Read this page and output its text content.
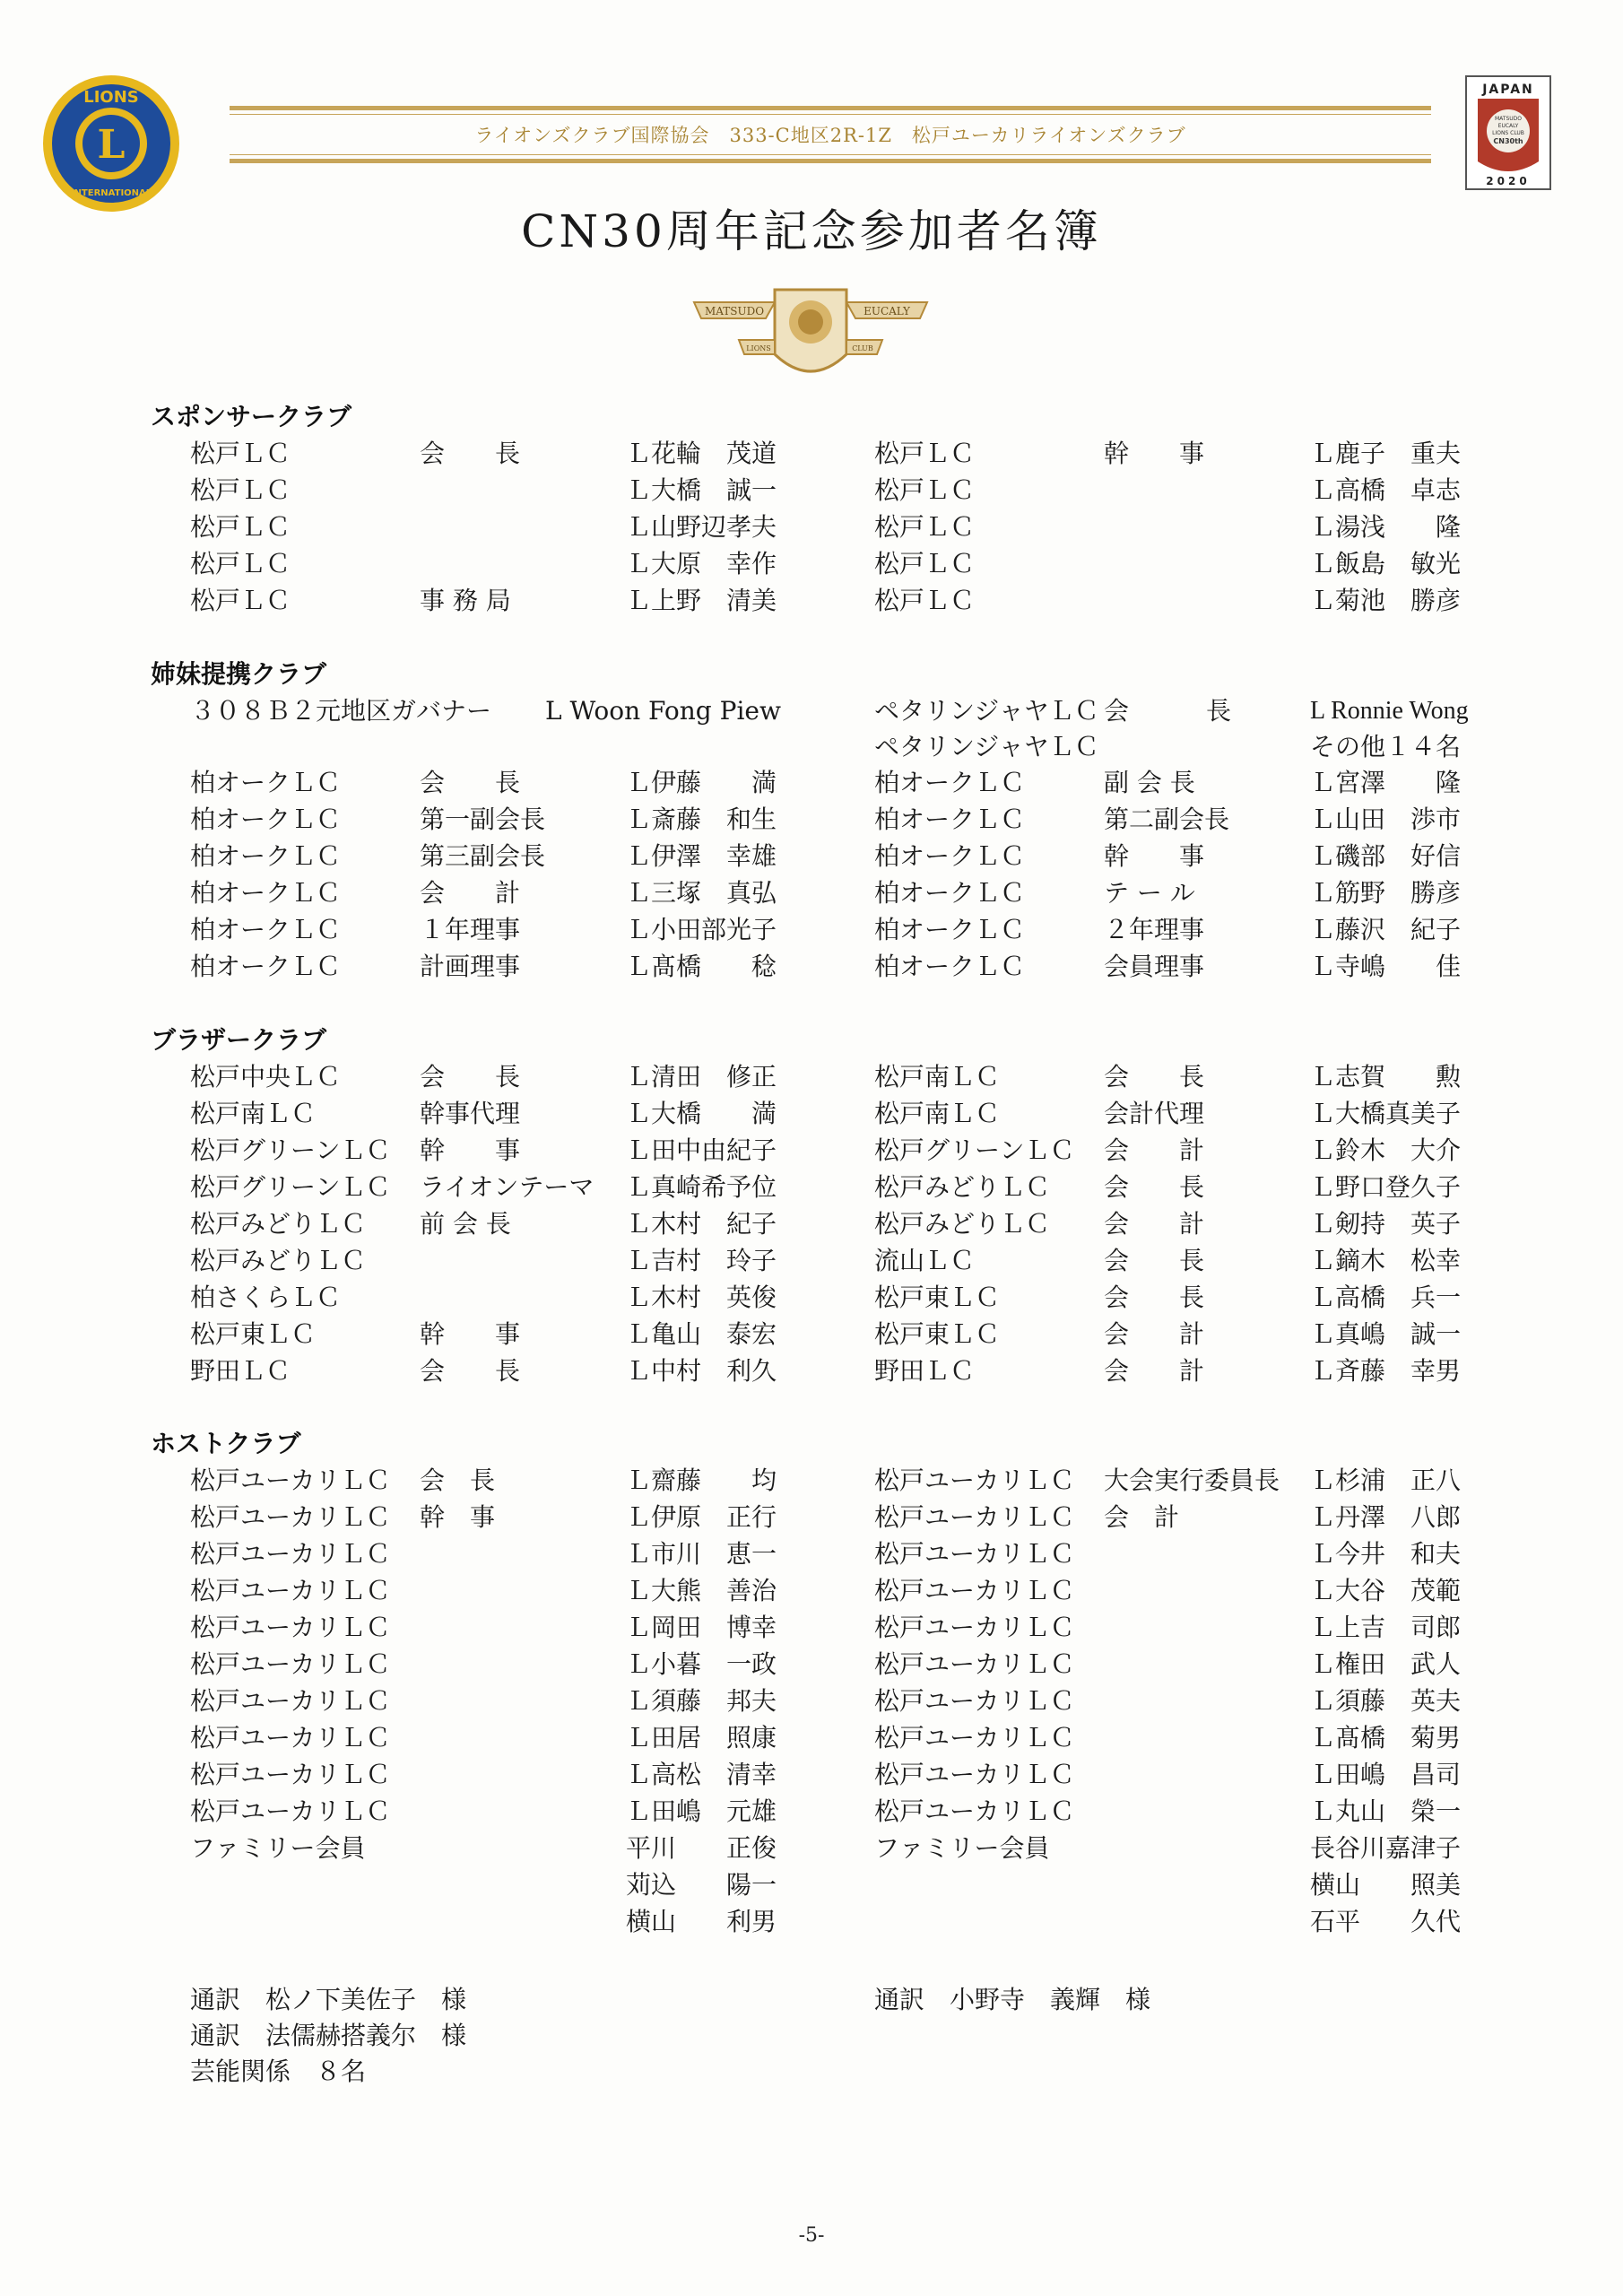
L
LIONS
INTERNATIONAL
ライオンズクラブ国際協会　333-C地区2R-1Z　松戸ユーカリライオンズクラブ
JAPAN
MATSUDO
EUCALY
LIONS CLUB
CN30th
2020
CN30周年記念参加者名簿
MATSUDO	EUCALY
LIONS	CLUB
スポンサークラブ
松戸ＬＣ	会　　長	Ｌ花輪　茂道	松戸ＬＣ	幹　　事	Ｌ鹿子　重夫
松戸ＬＣ	Ｌ大橋　誠一	松戸ＬＣ	Ｌ高橋　卓志
松戸ＬＣ	Ｌ山野辺孝夫	松戸ＬＣ	Ｌ湯浅　　隆
松戸ＬＣ	Ｌ大原　幸作	松戸ＬＣ	Ｌ飯島　敏光
松戸ＬＣ	事 務 局	Ｌ上野　清美	松戸ＬＣ	Ｌ菊池　勝彦
姉妹提携クラブ
３０８Ｂ２元地区ガバナー L Woon Fong Piew	ペタリンジャヤＬＣ 会　　長	L Ronnie Wong
ペタリンジャヤＬＣ	その他１４名
柏オークＬＣ	会　　長	Ｌ伊藤　　満	柏オークＬＣ	副 会 長	Ｌ宮澤　　隆
柏オークＬＣ	第一副会長	Ｌ斎藤　和生	柏オークＬＣ	第二副会長	Ｌ山田　渉市
柏オークＬＣ	第三副会長	Ｌ伊澤　幸雄	柏オークＬＣ	幹　　事	Ｌ磯部　好信
柏オークＬＣ	会　　計	Ｌ三塚　真弘	柏オークＬＣ	テ ー ル	Ｌ筋野　勝彦
柏オークＬＣ	１年理事	Ｌ小田部光子	柏オークＬＣ	２年理事	Ｌ藤沢　紀子
柏オークＬＣ	計画理事	Ｌ髙橋　　稔	柏オークＬＣ	会員理事	Ｌ寺嶋　　佳
ブラザークラブ
松戸中央ＬＣ	会　　長	Ｌ清田　修正	松戸南ＬＣ	会　　長	Ｌ志賀　　勲
松戸南ＬＣ	幹事代理	Ｌ大橋　　満	松戸南ＬＣ	会計代理	Ｌ大橋真美子
松戸グリーンＬＣ	幹　　事	Ｌ田中由紀子	松戸グリーンＬＣ	会　　計	Ｌ鈴木　大介
松戸グリーンＬＣ	ライオンテーマ	Ｌ真崎希予位	松戸みどりＬＣ	会　　長	Ｌ野口登久子
松戸みどりＬＣ	前 会 長	Ｌ木村　紀子	松戸みどりＬＣ	会　　計	Ｌ剱持　英子
松戸みどりＬＣ	Ｌ吉村　玲子	流山ＬＣ	会　　長	Ｌ鏑木　松幸
柏さくらＬＣ	Ｌ木村　英俊	松戸東ＬＣ	会　　長	Ｌ高橋　兵一
松戸東ＬＣ	幹　　事	Ｌ亀山　泰宏	松戸東ＬＣ	会　　計	Ｌ真嶋　誠一
野田ＬＣ	会　　長	Ｌ中村　利久	野田ＬＣ	会　　計	Ｌ斉藤　幸男
ホストクラブ
松戸ユーカリＬＣ	会　長	Ｌ齋藤　　均	松戸ユーカリＬＣ	大会実行委員長	Ｌ杉浦　正八
松戸ユーカリＬＣ	幹　事	Ｌ伊原　正行	松戸ユーカリＬＣ	会　計	Ｌ丹澤　八郎
松戸ユーカリＬＣ	Ｌ市川　恵一	松戸ユーカリＬＣ	Ｌ今井　和夫
松戸ユーカリＬＣ	Ｌ大熊　善治	松戸ユーカリＬＣ	Ｌ大谷　茂範
松戸ユーカリＬＣ	Ｌ岡田　博幸	松戸ユーカリＬＣ	Ｌ上吉　司郎
松戸ユーカリＬＣ	Ｌ小暮　一政	松戸ユーカリＬＣ	Ｌ権田　武人
松戸ユーカリＬＣ	Ｌ須藤　邦夫	松戸ユーカリＬＣ	Ｌ須藤　英夫
松戸ユーカリＬＣ	Ｌ田居　照康	松戸ユーカリＬＣ	Ｌ髙橋　菊男
松戸ユーカリＬＣ	Ｌ高松　清幸	松戸ユーカリＬＣ	Ｌ田嶋　昌司
松戸ユーカリＬＣ	Ｌ田嶋　元雄	松戸ユーカリＬＣ	Ｌ丸山　榮一
ファミリー会員	平川　　正俊	ファミリー会員	長谷川嘉津子
苅込　　陽一	横山　　照美
横山　　利男	石平　　久代
通訳　松ノ下美佐子　様
通訳　法儒赫搭義尔　様
芸能関係　８名
通訳　小野寺　義輝　様
-5-
